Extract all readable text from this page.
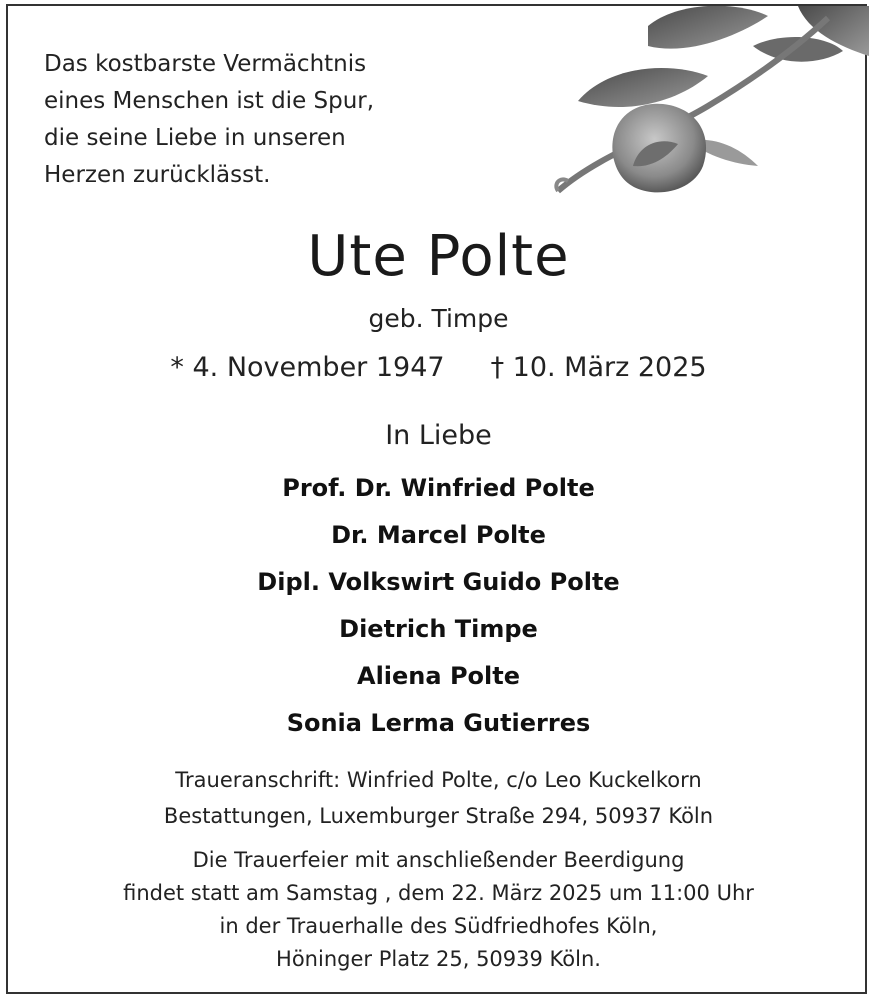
Das kostbarste Vermächtnis
eines Menschen ist die Spur,
die seine Liebe in unseren
Herzen zurücklässt.

Ute Polte
geb. Timpe
* 4. November 1947 † 10. März 2025
In Liebe
Prof. Dr. Winfried Polte
Dr. Marcel Polte
Dipl. Volkswirt Guido Polte
Dietrich Timpe
Aliena Polte
Sonia Lerma Gutierres
Traueranschrift: Winfried Polte, c/o Leo Kuckelkorn
Bestattungen, Luxemburger Straße 294, 50937 Köln
Die Trauerfeier mit anschließender Beerdigung
findet statt am Samstag , dem 22. März 2025 um 11:00 Uhr
in der Trauerhalle des Südfriedhofes Köln,
Höninger Platz 25, 50939 Köln.
